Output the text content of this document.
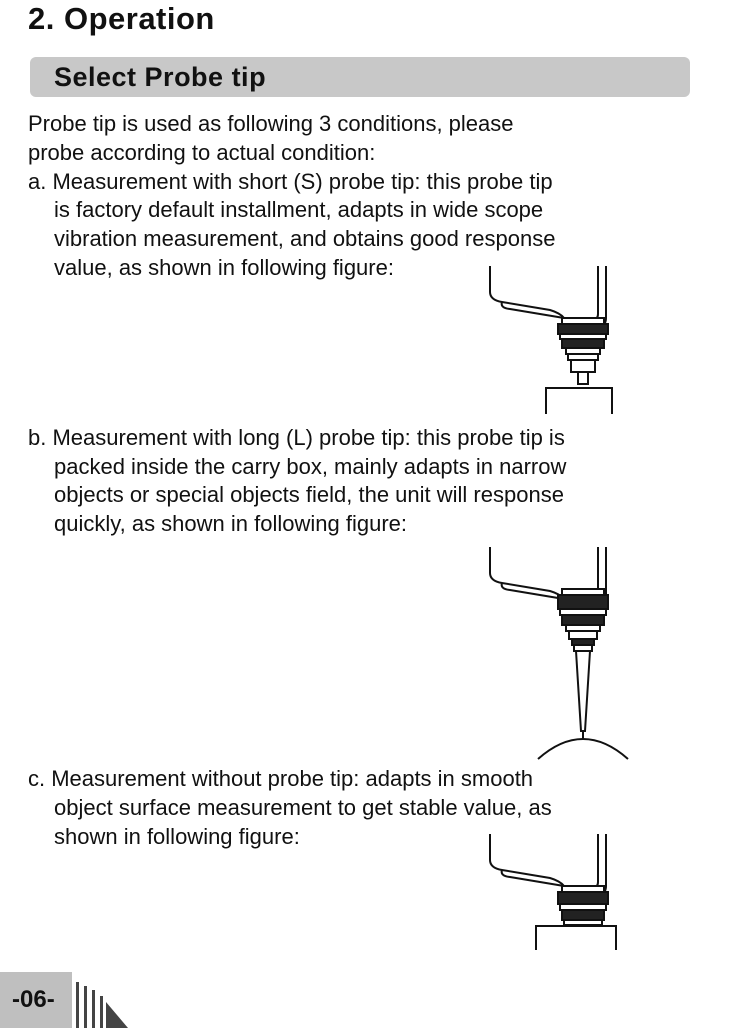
2. Operation
Select Probe tip

Probe tip is used as following 3 conditions, please

probe according to actual condition:

a. Measurement with short (S) probe tip: this probe tip

is factory default installment, adapts in wide scope

vibration measurement, and obtains good response

value, as shown in following figure:

b. Measurement with long (L) probe tip: this probe tip is

packed inside the carry box, mainly adapts in narrow

objects or special objects field, the unit will response

quickly, as shown in following figure:

c. Measurement without probe tip: adapts in smooth

object surface measurement to get stable value, as

shown in following figure:

-06-
